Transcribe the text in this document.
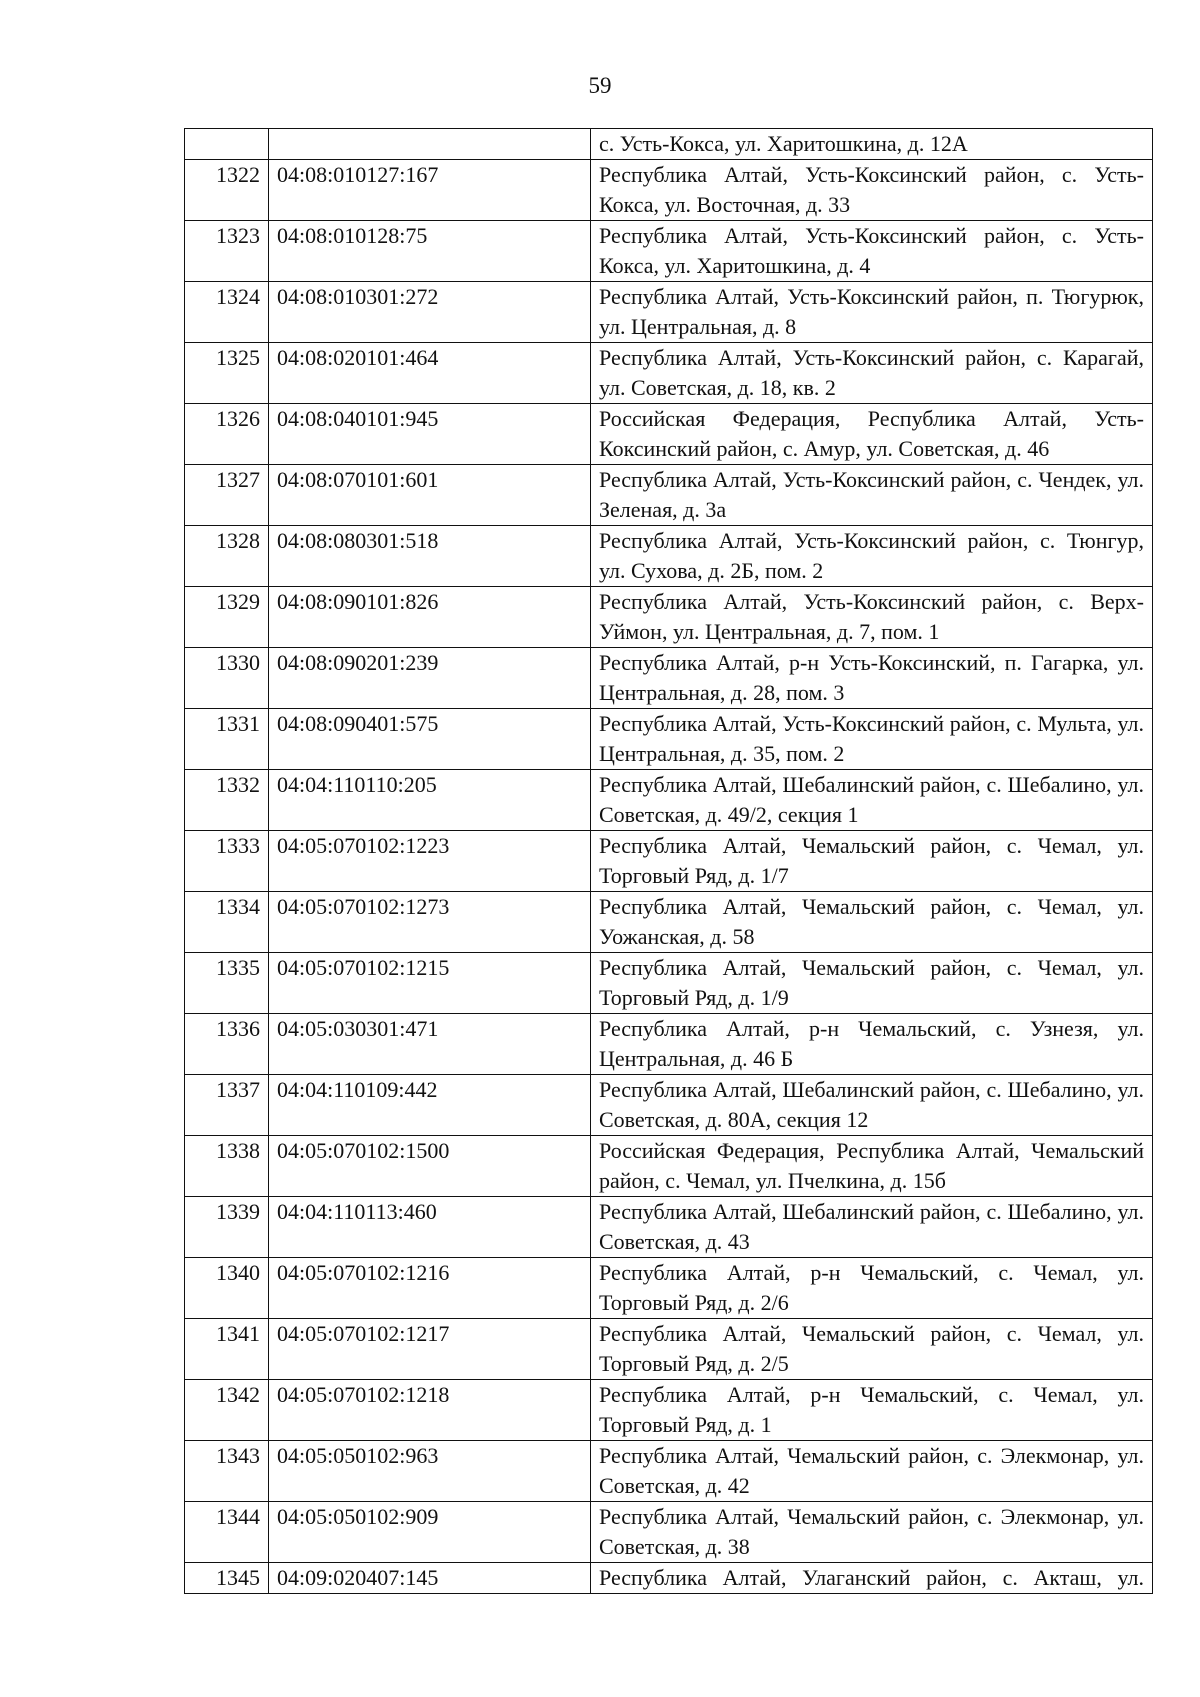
59
		с. Усть-Кокса, ул. Харитошкина, д. 12А
1322	04:08:010127:167	Республика Алтай, Усть-Коксинский район, с. Усть-Кокса, ул. Восточная, д. 33
1323	04:08:010128:75	Республика Алтай, Усть-Коксинский район, с. Усть-Кокса, ул. Харитошкина, д. 4
1324	04:08:010301:272	Республика Алтай, Усть-Коксинский район, п. Тюгурюк, ул. Центральная, д. 8
1325	04:08:020101:464	Республика Алтай, Усть-Коксинский район, с. Карагай, ул. Советская, д. 18, кв. 2
1326	04:08:040101:945	Российская Федерация, Республика Алтай, Усть-Коксинский район, с. Амур, ул. Советская, д. 46
1327	04:08:070101:601	Республика Алтай, Усть-Коксинский район, с. Чендек, ул. Зеленая, д. 3а
1328	04:08:080301:518	Республика Алтай, Усть-Коксинский район, с. Тюнгур, ул. Сухова, д. 2Б, пом. 2
1329	04:08:090101:826	Республика Алтай, Усть-Коксинский район, с. Верх-Уймон, ул. Центральная, д. 7, пом. 1
1330	04:08:090201:239	Республика Алтай, р-н Усть-Коксинский, п. Гагарка, ул. Центральная, д. 28, пом. 3
1331	04:08:090401:575	Республика Алтай, Усть-Коксинский район, с. Мульта, ул. Центральная, д. 35, пом. 2
1332	04:04:110110:205	Республика Алтай, Шебалинский район, с. Шебалино, ул. Советская, д. 49/2, секция 1
1333	04:05:070102:1223	Республика Алтай, Чемальский район, с. Чемал, ул. Торговый Ряд, д. 1/7
1334	04:05:070102:1273	Республика Алтай, Чемальский район, с. Чемал, ул. Уожанская, д. 58
1335	04:05:070102:1215	Республика Алтай, Чемальский район, с. Чемал, ул. Торговый Ряд, д. 1/9
1336	04:05:030301:471	Республика Алтай, р-н Чемальский, с. Узнезя, ул. Центральная, д. 46 Б
1337	04:04:110109:442	Республика Алтай, Шебалинский район, с. Шебалино, ул. Советская, д. 80А, секция 12
1338	04:05:070102:1500	Российская Федерация, Республика Алтай, Чемальский район, с. Чемал, ул. Пчелкина, д. 15б
1339	04:04:110113:460	Республика Алтай, Шебалинский район, с. Шебалино, ул. Советская, д. 43
1340	04:05:070102:1216	Республика Алтай, р-н Чемальский, с. Чемал, ул. Торговый Ряд, д. 2/6
1341	04:05:070102:1217	Республика Алтай, Чемальский район, с. Чемал, ул. Торговый Ряд, д. 2/5
1342	04:05:070102:1218	Республика Алтай, р-н Чемальский, с. Чемал, ул. Торговый Ряд, д. 1
1343	04:05:050102:963	Республика Алтай, Чемальский район, с. Элекмонар, ул. Советская, д. 42
1344	04:05:050102:909	Республика Алтай, Чемальский район, с. Элекмонар, ул. Советская, д. 38
1345	04:09:020407:145	Республика Алтай, Улаганский район, с. Акташ, ул.
